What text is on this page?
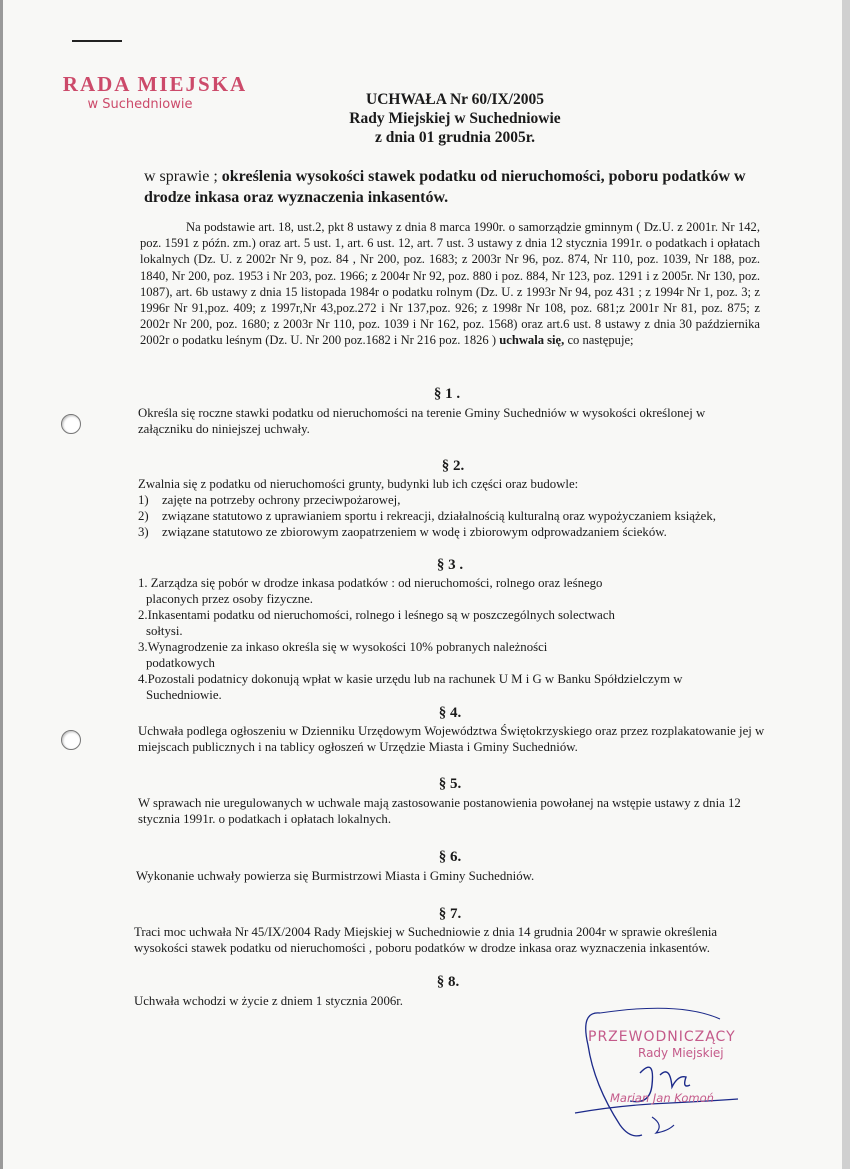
RADA MIEJSKA
w Suchedniowie	UCHWAŁA Nr 60/IX/2005
Rady Miejskiej w Suchedniowie
z dnia 01 grudnia 2005r.
w sprawie ; określenia wysokości stawek podatku od nieruchomości, poboru podatków w drodze inkasa oraz wyznaczenia inkasentów.
Na podstawie art. 18, ust.2, pkt 8 ustawy z dnia 8 marca 1990r. o samorządzie gminnym ( Dz.U. z 2001r. Nr 142, poz. 1591 z późn. zm.) oraz art. 5 ust. 1, art. 6 ust. 12, art. 7 ust. 3 ustawy z dnia 12 stycznia 1991r. o podatkach i opłatach lokalnych (Dz. U. z 2002r Nr 9, poz. 84 , Nr 200, poz. 1683; z 2003r Nr 96, poz. 874, Nr 110, poz. 1039, Nr 188, poz. 1840, Nr 200, poz. 1953 i Nr 203, poz. 1966; z 2004r Nr 92, poz. 880 i poz. 884, Nr 123, poz. 1291 i z 2005r. Nr 130, poz. 1087), art. 6b ustawy z dnia 15 listopada 1984r o podatku rolnym (Dz. U. z 1993r Nr 94, poz 431 ; z 1994r Nr 1, poz. 3; z 1996r Nr 91,poz. 409; z 1997r,Nr 43,poz.272 i Nr 137,poz. 926; z 1998r Nr 108, poz. 681;z 2001r Nr 81, poz. 875; z 2002r Nr 200, poz. 1680; z 2003r Nr 110, poz. 1039 i Nr 162, poz. 1568) oraz art.6 ust. 8 ustawy z dnia 30 października 2002r o podatku leśnym (Dz. U. Nr 200 poz.1682 i Nr 216 poz. 1826 ) uchwala się, co następuje;
§ 1 .
Określa się roczne stawki podatku od nieruchomości na terenie Gminy Suchedniów w wysokości określonej w załączniku do niniejszej uchwały.
§ 2.

Zwalnia się z podatku od nieruchomości grunty, budynki lub ich części oraz budowle:

1)	zajęte na potrzeby ochrony przeciwpożarowej,
2)	związane statutowo z uprawianiem sportu i rekreacji, działalnością kulturalną oraz wypożyczaniem książek,
3)	związane statutowo ze zbiorowym zaopatrzeniem w wodę i zbiorowym odprowadzaniem ścieków.
§ 3 .

1. Zarządza się pobór w drodze inkasa podatków : od nieruchomości, rolnego oraz leśnego

placonych przez osoby fizyczne.

2.Inkasentami podatku od nieruchomości, rolnego i leśnego są w poszczególnych solectwach

sołtysi.

3.Wynagrodzenie za inkaso określa się w wysokości 10% pobranych należności

podatkowych

4.Pozostali podatnicy dokonują wpłat w kasie urzędu lub na rachunek U M i G w Banku Spółdzielczym w

Suchedniowie.

§ 4.
Uchwała podlega ogłoszeniu w Dzienniku Urzędowym Województwa Świętokrzyskiego oraz przez rozplakatowanie jej w miejscach publicznych i na tablicy ogłoszeń w Urzędzie Miasta i Gminy Suchedniów.
§ 5.
W sprawach nie uregulowanych w uchwale mają zastosowanie postanowienia powołanej na wstępie ustawy z dnia 12 stycznia 1991r. o podatkach i opłatach lokalnych.
§ 6.
Wykonanie uchwały powierza się Burmistrzowi Miasta i Gminy Suchedniów.
§ 7.
Traci moc uchwała Nr 45/IX/2004 Rady Miejskiej w Suchedniowie z dnia 14 grudnia 2004r w sprawie określenia wysokości stawek podatku od nieruchomości , poboru podatków w drodze inkasa oraz wyznaczenia inkasentów.
§ 8.
Uchwała wchodzi w życie z dniem 1 stycznia 2006r.
PRZEWODNICZĄCY
Rady Miejskiej
Marian Jan Komoń
